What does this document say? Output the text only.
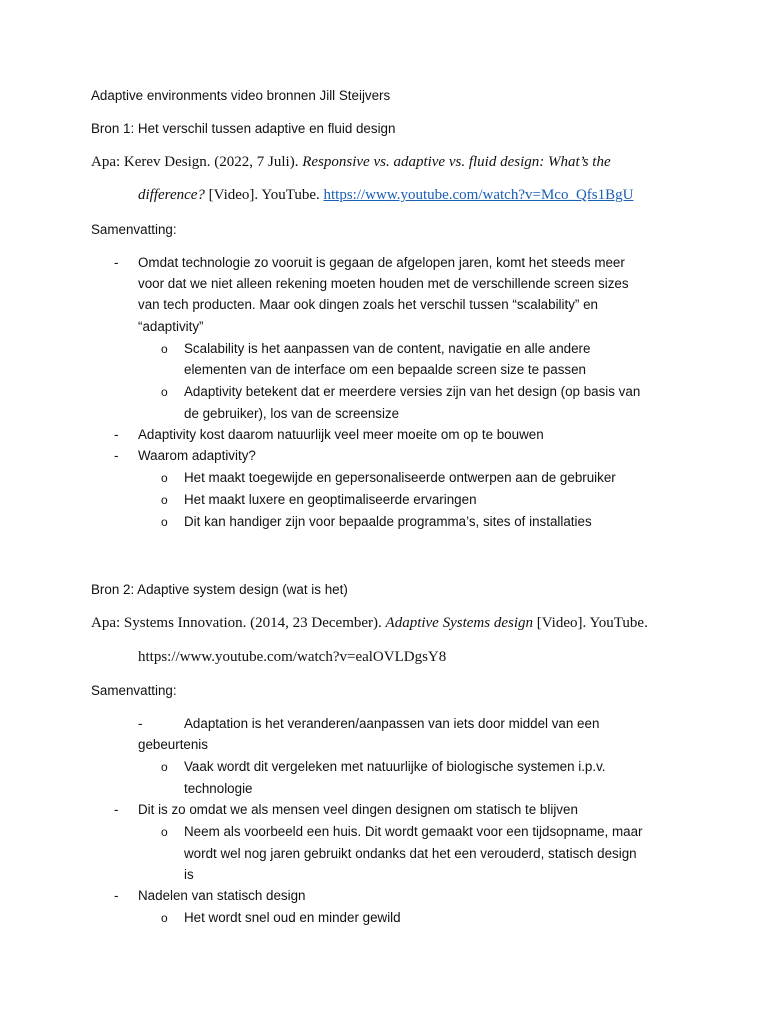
Adaptive environments video bronnen Jill Steijvers
Bron 1: Het verschil tussen adaptive en fluid design
Apa: Kerev Design. (2022, 7 Juli). Responsive vs. adaptive vs. fluid design: What’s the
difference? [Video]. YouTube. https://www.youtube.com/watch?v=Mco_Qfs1BgU
Samenvatting:
- Omdat technologie zo vooruit is gegaan de afgelopen jaren, komt het steeds meer
voor dat we niet alleen rekening moeten houden met de verschillende screen sizes
van tech producten. Maar ook dingen zoals het verschil tussen “scalability” en
“adaptivity”
o Scalability is het aanpassen van de content, navigatie en alle andere
elementen van de interface om een bepaalde screen size te passen
o Adaptivity betekent dat er meerdere versies zijn van het design (op basis van
de gebruiker), los van de screensize
- Adaptivity kost daarom natuurlijk veel meer moeite om op te bouwen
- Waarom adaptivity?
o Het maakt toegewijde en gepersonaliseerde ontwerpen aan de gebruiker
o Het maakt luxere en geoptimaliseerde ervaringen
o Dit kan handiger zijn voor bepaalde programma’s, sites of installaties
Bron 2: Adaptive system design (wat is het)
Apa: Systems Innovation. (2014, 23 December). Adaptive Systems design [Video]. YouTube.
https://www.youtube.com/watch?v=ealOVLDgsY8
Samenvatting:
-	Adaptation is het veranderen/aanpassen van iets door middel van een
gebeurtenis
o Vaak wordt dit vergeleken met natuurlijke of biologische systemen i.p.v.
technologie
- Dit is zo omdat we als mensen veel dingen designen om statisch te blijven
o Neem als voorbeeld een huis. Dit wordt gemaakt voor een tijdsopname, maar
wordt wel nog jaren gebruikt ondanks dat het een verouderd, statisch design
is
- Nadelen van statisch design
o Het wordt snel oud en minder gewild
